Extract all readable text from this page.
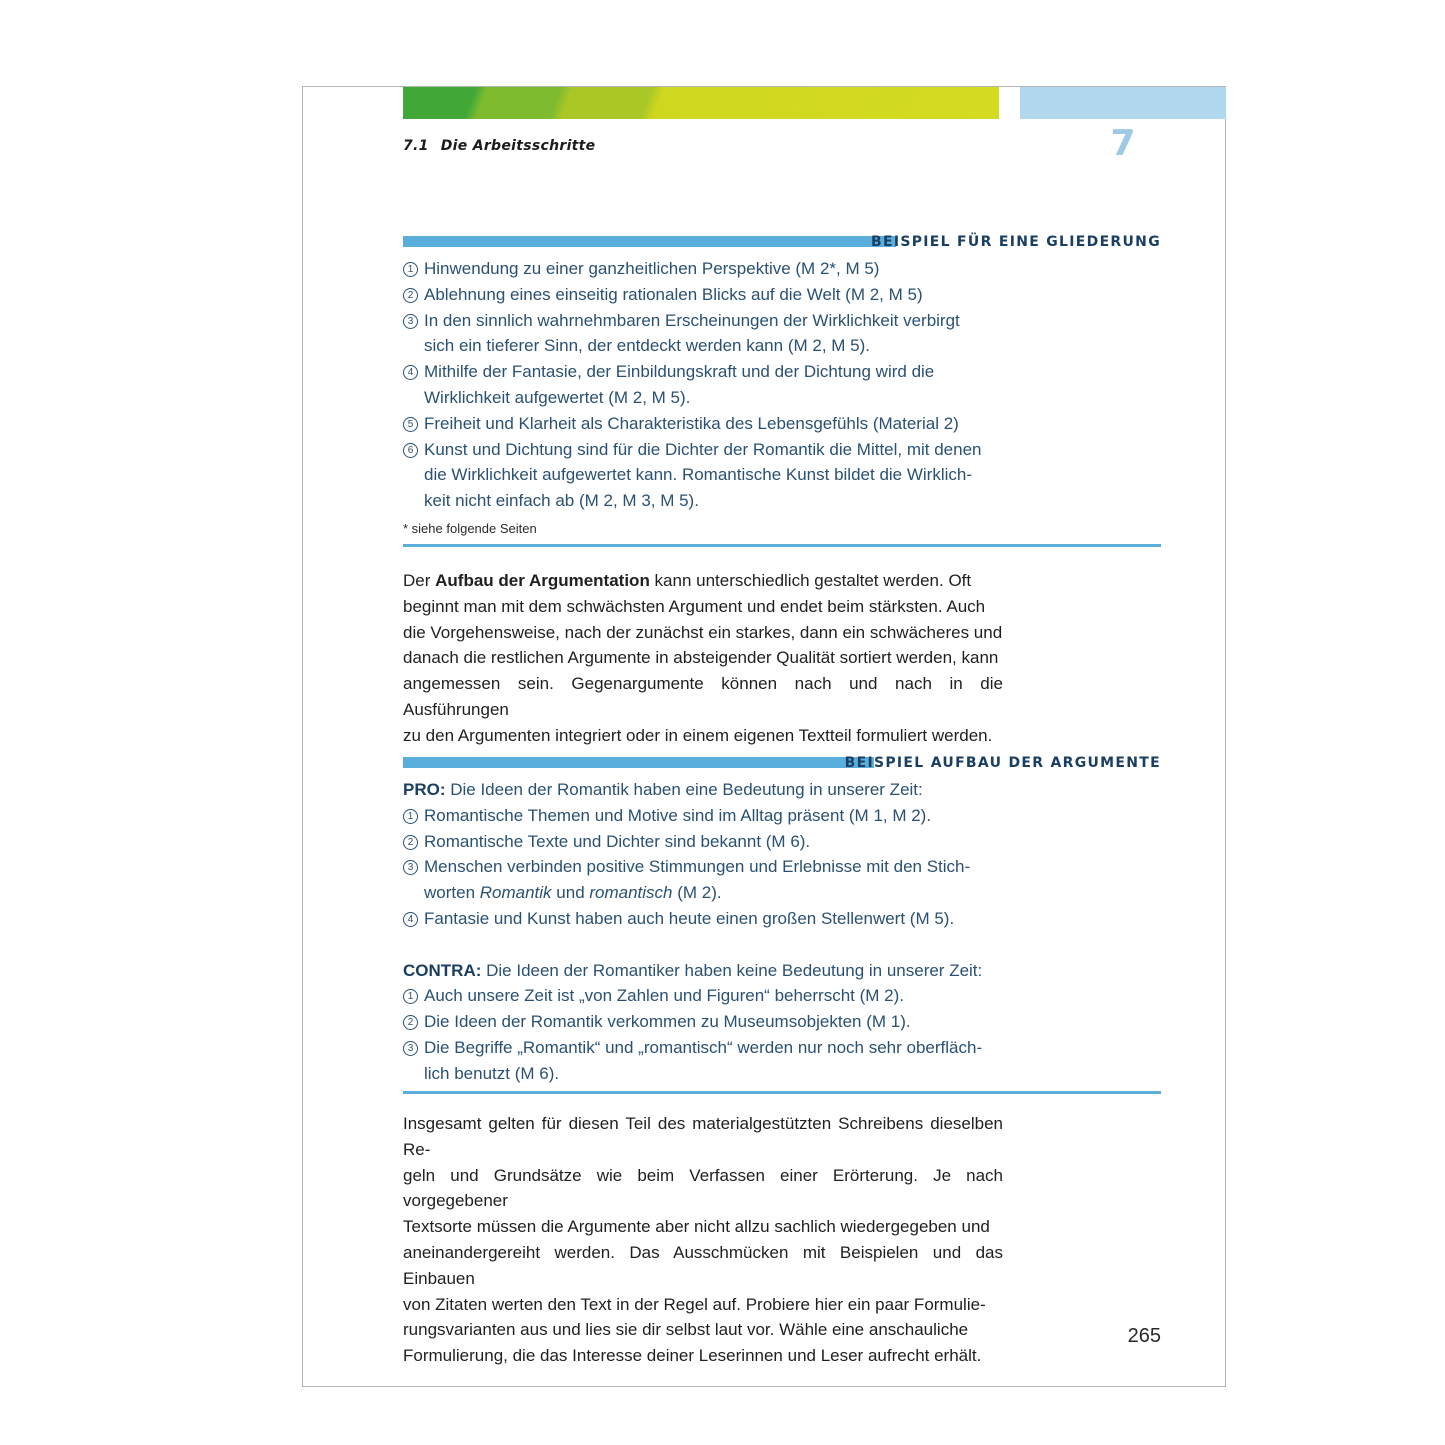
7
7.1 Die Arbeitsschritte
BEISPIEL FÜR EINE GLIEDERUNG
1 Hinwendung zu einer ganzheitlichen Perspektive (M 2*, M 5)
2 Ablehnung eines einseitig rationalen Blicks auf die Welt (M 2, M 5)
3 In den sinnlich wahrnehmbaren Erscheinungen der Wirklichkeit verbirgt
sich ein tieferer Sinn, der entdeckt werden kann (M 2, M 5).
4 Mithilfe der Fantasie, der Einbildungskraft und der Dichtung wird die
Wirklichkeit aufgewertet (M 2, M 5).
5 Freiheit und Klarheit als Charakteristika des Lebensgefühls (Material 2)
6 Kunst und Dichtung sind für die Dichter der Romantik die Mittel, mit denen
die Wirklichkeit aufgewertet kann. Romantische Kunst bildet die Wirklich-
keit nicht einfach ab (M 2, M 3, M 5).
* siehe folgende Seiten
Der Aufbau der Argumentation kann unterschiedlich gestaltet werden. Oft
beginnt man mit dem schwächsten Argument und endet beim stärksten. Auch
die Vorgehensweise, nach der zunächst ein starkes, dann ein schwächeres und
danach die restlichen Argumente in absteigender Qualität sortiert werden, kann
angemessen sein. Gegenargumente können nach und nach in die Ausführungen
zu den Argumenten integriert oder in einem eigenen Textteil formuliert werden.
BEISPIEL AUFBAU DER ARGUMENTE
PRO: Die Ideen der Romantik haben eine Bedeutung in unserer Zeit:
1 Romantische Themen und Motive sind im Alltag präsent (M 1, M 2).
2 Romantische Texte und Dichter sind bekannt (M 6).
3 Menschen verbinden positive Stimmungen und Erlebnisse mit den Stich-
worten Romantik und romantisch (M 2).
4 Fantasie und Kunst haben auch heute einen großen Stellenwert (M 5).
CONTRA: Die Ideen der Romantiker haben keine Bedeutung in unserer Zeit:
1 Auch unsere Zeit ist „von Zahlen und Figuren“ beherrscht (M 2).
2 Die Ideen der Romantik verkommen zu Museumsobjekten (M 1).
3 Die Begriffe „Romantik“ und „romantisch“ werden nur noch sehr oberfläch-
lich benutzt (M 6).
Insgesamt gelten für diesen Teil des materialgestützten Schreibens dieselben Re-
geln und Grundsätze wie beim Verfassen einer Erörterung. Je nach vorgegebener
Textsorte müssen die Argumente aber nicht allzu sachlich wiedergegeben und
aneinandergereiht werden. Das Ausschmücken mit Beispielen und das Einbauen
von Zitaten werten den Text in der Regel auf. Probiere hier ein paar Formulie-
rungsvarianten aus und lies sie dir selbst laut vor. Wähle eine anschauliche
Formulierung, die das Interesse deiner Leserinnen und Leser aufrecht erhält.
265
